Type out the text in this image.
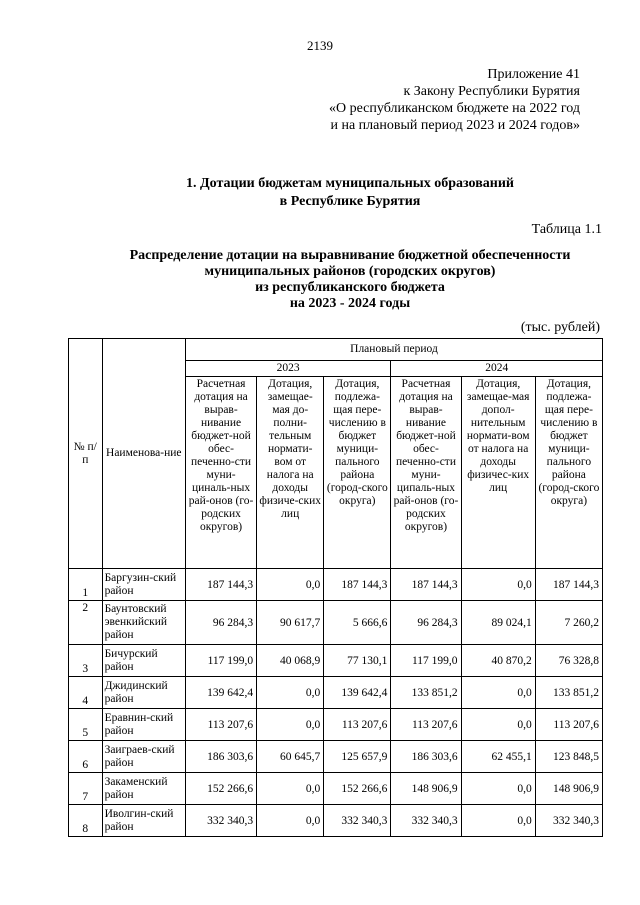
2139
Приложение 41
к Закону Республики Бурятия
«О республиканском бюджете на 2022 год
и на плановый период 2023 и 2024 годов»
1. Дотации бюджетам муниципальных образований
в Республике Бурятия
Таблица 1.1
Распределение дотации на выравнивание бюджетной обеспеченности
муниципальных районов (городских округов)
из республиканского бюджета
на 2023 - 2024 годы
(тыс. рублей)
№ п/п	Наименова-ние	Плановый период					
		2023			2024		
		Расчетная дотация на вырав-нивание бюджет-ной обес-печенно-сти муни-циналь-ных рай-онов (го-родских округов)	Дотация, замещае-мая до-полни-тельным нормати-вом от налога на доходы физиче-ских лиц	Дотация, подлежа-щая пере-числению в бюджет муници-пального района (город-ского округа)	Расчетная дотация на вырав-нивание бюджет-ной обес-печенно-сти муни-ципаль-ных рай-онов (го-родских округов)	Дотация, замещае-мая допол-нительным нормати-вом от налога на доходы физичес-ких лиц	Дотация, подлежа-щая пере-числению в бюджет муници-пального района (город-ского округа)
1	Баргузин-ский район	187 144,3	0,0	187 144,3	187 144,3	0,0	187 144,3
2	Баунтовский эвенкийский район	96 284,3	90 617,7	5 666,6	96 284,3	89 024,1	7 260,2
3	Бичурский район	117 199,0	40 068,9	77 130,1	117 199,0	40 870,2	76 328,8
4	Джидинский район	139 642,4	0,0	139 642,4	133 851,2	0,0	133 851,2
5	Еравнин-ский район	113 207,6	0,0	113 207,6	113 207,6	0,0	113 207,6
6	Заиграев-ский район	186 303,6	60 645,7	125 657,9	186 303,6	62 455,1	123 848,5
7	Закаменский район	152 266,6	0,0	152 266,6	148 906,9	0,0	148 906,9
8	Иволгин-ский район	332 340,3	0,0	332 340,3	332 340,3	0,0	332 340,3
